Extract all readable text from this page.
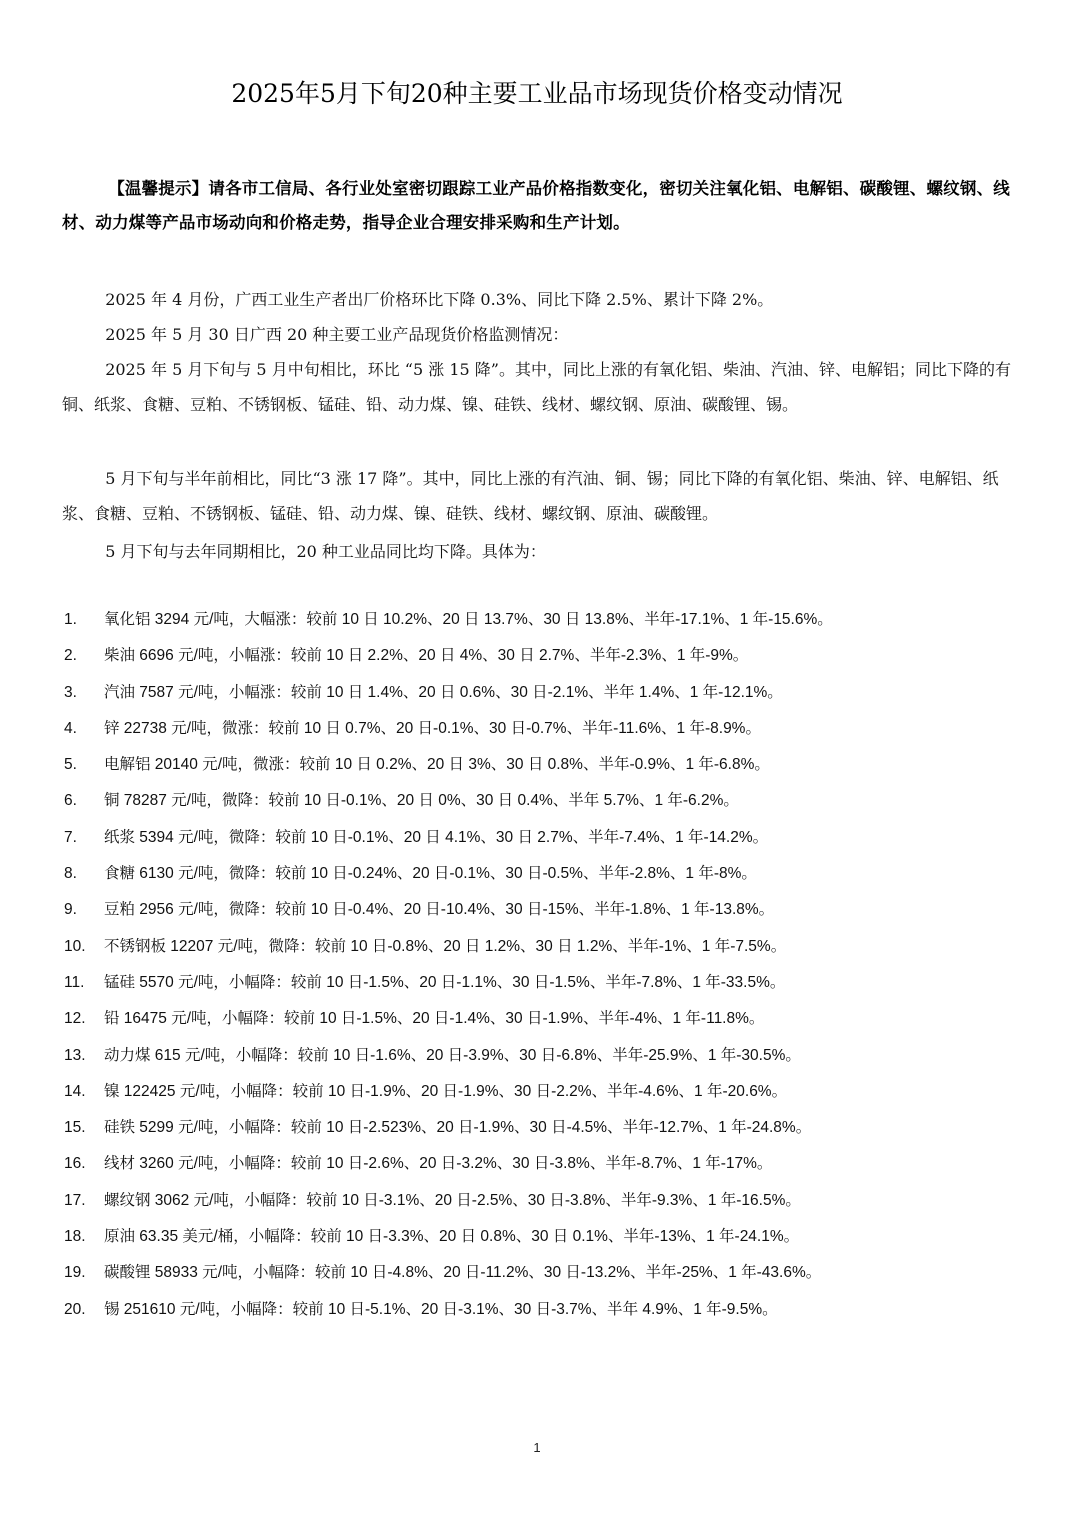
2025年5月下旬20种主要工业品市场现货价格变动情况
【温馨提示】请各市工信局、各行业处室密切跟踪工业产品价格指数变化，密切关注氧化铝、电解铝、碳酸锂、螺纹钢、线材、动力煤等产品市场动向和价格走势，指导企业合理安排采购和生产计划。
2025 年 4 月份，广西工业生产者出厂价格环比下降 0.3%、同比下降 2.5%、累计下降 2%。
2025 年 5 月 30 日广西 20 种主要工业产品现货价格监测情况：
2025 年 5 月下旬与 5 月中旬相比，环比 “5 涨 15 降”。其中，同比上涨的有氧化铝、柴油、汽油、锌、电解铝；同比下降的有铜、纸浆、食糖、豆粕、不锈钢板、锰硅、铅、动力煤、镍、硅铁、线材、螺纹钢、原油、碳酸锂、锡。
5 月下旬与半年前相比，同比“3 涨 17 降”。其中，同比上涨的有汽油、铜、锡；同比下降的有氧化铝、柴油、锌、电解铝、纸浆、食糖、豆粕、不锈钢板、锰硅、铅、动力煤、镍、硅铁、线材、螺纹钢、原油、碳酸锂。
5 月下旬与去年同期相比，20 种工业品同比均下降。具体为：
1. 氧化铝 3294 元/吨，大幅涨：较前 10 日 10.2%、20 日 13.7%、30 日 13.8%、半年-17.1%、1 年-15.6%。
2. 柴油 6696 元/吨，小幅涨：较前 10 日 2.2%、20 日 4%、30 日 2.7%、半年-2.3%、1 年-9%。
3. 汽油 7587 元/吨，小幅涨：较前 10 日 1.4%、20 日 0.6%、30 日-2.1%、半年 1.4%、1 年-12.1%。
4. 锌 22738 元/吨，微涨：较前 10 日 0.7%、20 日-0.1%、30 日-0.7%、半年-11.6%、1 年-8.9%。
5. 电解铝 20140 元/吨，微涨：较前 10 日 0.2%、20 日 3%、30 日 0.8%、半年-0.9%、1 年-6.8%。
6. 铜 78287 元/吨，微降：较前 10 日-0.1%、20 日 0%、30 日 0.4%、半年 5.7%、1 年-6.2%。
7. 纸浆 5394 元/吨，微降：较前 10 日-0.1%、20 日 4.1%、30 日 2.7%、半年-7.4%、1 年-14.2%。
8. 食糖 6130 元/吨，微降：较前 10 日-0.24%、20 日-0.1%、30 日-0.5%、半年-2.8%、1 年-8%。
9. 豆粕 2956 元/吨，微降：较前 10 日-0.4%、20 日-10.4%、30 日-15%、半年-1.8%、1 年-13.8%。
10. 不锈钢板 12207 元/吨，微降：较前 10 日-0.8%、20 日 1.2%、30 日 1.2%、半年-1%、1 年-7.5%。
11. 锰硅 5570 元/吨，小幅降：较前 10 日-1.5%、20 日-1.1%、30 日-1.5%、半年-7.8%、1 年-33.5%。
12. 铅 16475 元/吨，小幅降：较前 10 日-1.5%、20 日-1.4%、30 日-1.9%、半年-4%、1 年-11.8%。
13. 动力煤 615 元/吨，小幅降：较前 10 日-1.6%、20 日-3.9%、30 日-6.8%、半年-25.9%、1 年-30.5%。
14. 镍 122425 元/吨，小幅降：较前 10 日-1.9%、20 日-1.9%、30 日-2.2%、半年-4.6%、1 年-20.6%。
15. 硅铁 5299 元/吨，小幅降：较前 10 日-2.523%、20 日-1.9%、30 日-4.5%、半年-12.7%、1 年-24.8%。
16. 线材 3260 元/吨，小幅降：较前 10 日-2.6%、20 日-3.2%、30 日-3.8%、半年-8.7%、1 年-17%。
17. 螺纹钢 3062 元/吨，小幅降：较前 10 日-3.1%、20 日-2.5%、30 日-3.8%、半年-9.3%、1 年-16.5%。
18. 原油 63.35 美元/桶，小幅降：较前 10 日-3.3%、20 日 0.8%、30 日 0.1%、半年-13%、1 年-24.1%。
19. 碳酸锂 58933 元/吨，小幅降：较前 10 日-4.8%、20 日-11.2%、30 日-13.2%、半年-25%、1 年-43.6%。
20. 锡 251610 元/吨，小幅降：较前 10 日-5.1%、20 日-3.1%、30 日-3.7%、半年 4.9%、1 年-9.5%。
1
